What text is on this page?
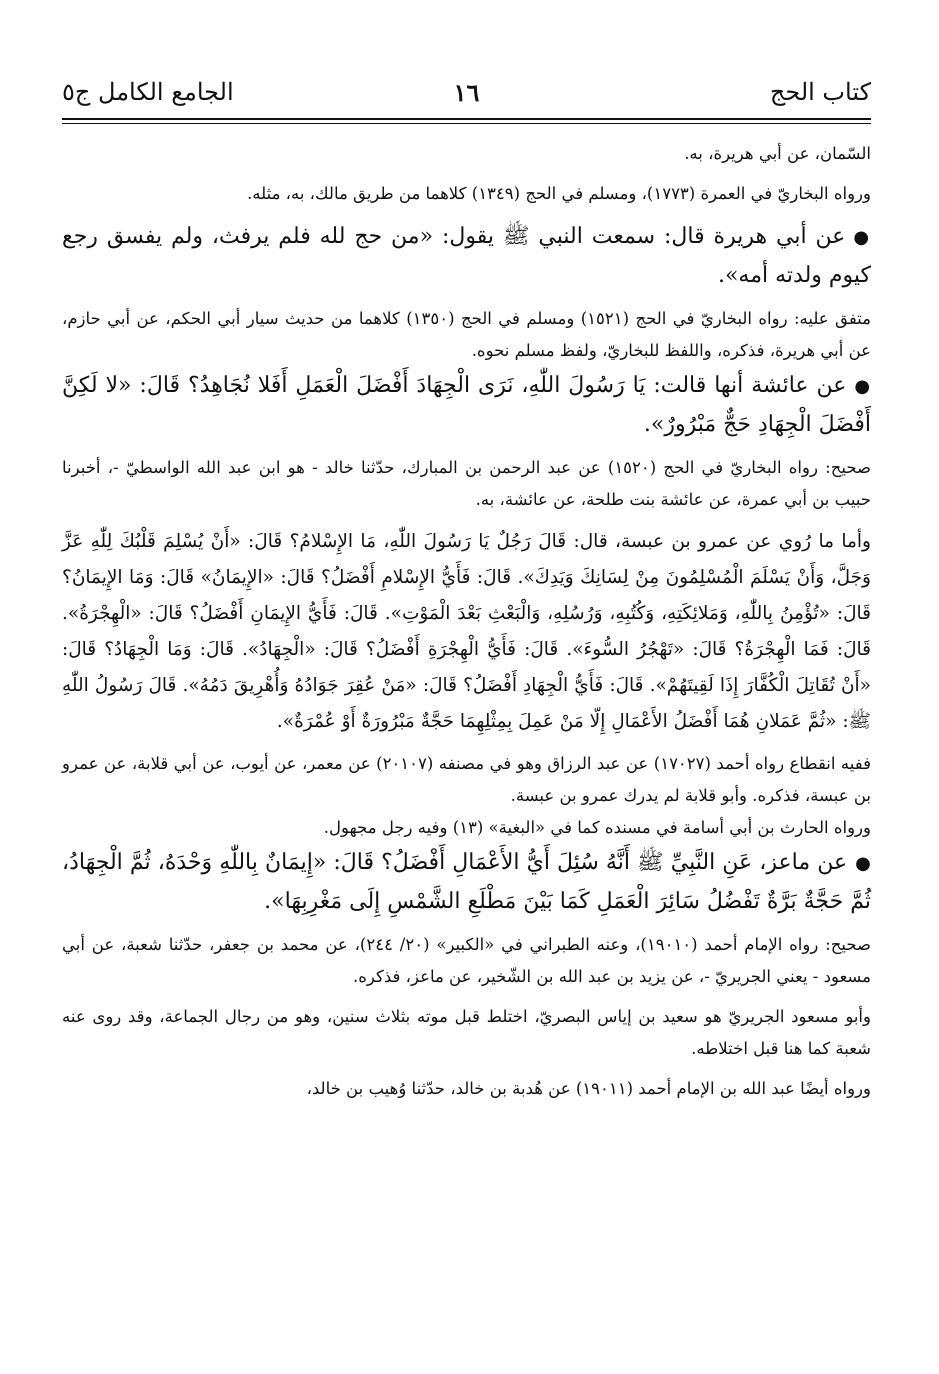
كتاب الحج
١٦
الجامع الكامل ج٥

السّمان، عن أبي هريرة، به.

ورواه البخاريّ في العمرة (١٧٧٣)، ومسلم في الحج (١٣٤٩) كلاهما من طريق مالك، به، مثله.

●عن أبي هريرة قال: سمعت النبي ﷺ يقول: «من حج لله فلم يرفث، ولم يفسق رجع كيوم ولدته أمه».

متفق عليه: رواه البخاريّ في الحج (١٥٢١) ومسلم في الحج (١٣٥٠) كلاهما من حديث سيار أبي الحكم، عن أبي حازم، عن أبي هريرة، فذكره، واللفظ للبخاريّ، ولفظ مسلم نحوه.

●عن عائشة أنها قالت: يَا رَسُولَ اللّٰهِ، نَرَى الْجِهَادَ أَفْضَلَ الْعَمَلِ أَفَلا نُجَاهِدُ؟ قَالَ: «لا لَكِنَّ أَفْضَلَ الْجِهَادِ حَجٌّ مَبْرُورٌ».

صحيح: رواه البخاريّ في الحج (١٥٢٠) عن عبد الرحمن بن المبارك، حدّثنا خالد - هو ابن عبد الله الواسطيّ -، أخبرنا حبيب بن أبي عمرة، عن عائشة بنت طلحة، عن عائشة، به.

وأما ما رُوي عن عمرو بن عبسة، قال: قَالَ رَجُلٌ يَا رَسُولَ اللّٰهِ، مَا الإِسْلامُ؟ قَالَ: «أَنْ يُسْلِمَ قَلْبُكَ لِلّٰهِ عَزَّ وَجَلَّ، وَأَنْ يَسْلَمَ الْمُسْلِمُونَ مِنْ لِسَانِكَ وَيَدِكَ». قَالَ: فَأَيُّ الإِسْلامِ أَفْضَلُ؟ قَالَ: «الإِيمَانُ» قَالَ: وَمَا الإِيمَانُ؟ قَالَ: «تُؤْمِنُ بِاللّٰهِ، وَمَلائِكَتِهِ، وَكُتُبِهِ، وَرُسُلِهِ، وَالْبَعْثِ بَعْدَ الْمَوْتِ». قَالَ: فَأَيُّ الإِيمَانِ أَفْضَلُ؟ قَالَ: «الْهِجْرَةُ». قَالَ: فَمَا الْهِجْرَةُ؟ قَالَ: «تَهْجُرُ السُّوءَ». قَالَ: فَأَيُّ الْهِجْرَةِ أَفْضَلُ؟ قَالَ: «الْجِهَادُ». قَالَ: وَمَا الْجِهَادُ؟ قَالَ: «أَنْ تُقَاتِلَ الْكُفَّارَ إِذَا لَقِيتَهُمْ». قَالَ: فَأَيُّ الْجِهَادِ أَفْضَلُ؟ قَالَ: «مَنْ عُقِرَ جَوَادُهُ وَأُهْرِيقَ دَمُهُ». قَالَ رَسُولُ اللّٰهِ ﷺ: «ثُمَّ عَمَلانِ هُمَا أَفْضَلُ الأَعْمَالِ إِلّا مَنْ عَمِلَ بِمِثْلِهِمَا حَجَّةٌ مَبْرُورَةٌ أَوْ عُمْرَةٌ».

ففيه انقطاع رواه أحمد (١٧٠٢٧) عن عبد الرزاق وهو في مصنفه (٢٠١٠٧) عن معمر، عن أيوب، عن أبي قلابة، عن عمرو بن عبسة، فذكره. وأبو قلابة لم يدرك عمرو بن عبسة.

ورواه الحارث بن أبي أسامة في مسنده كما في «البغية» (١٣) وفيه رجل مجهول.

●عن ماعز، عَنِ النَّبِيِّ ﷺ أَنَّهُ سُئِلَ أَيُّ الأَعْمَالِ أَفْضَلُ؟ قَالَ: «إِيمَانٌ بِاللّٰهِ وَحْدَهُ، ثُمَّ الْجِهَادُ، ثُمَّ حَجَّةٌ بَرَّةٌ تَفْضُلُ سَائِرَ الْعَمَلِ كَمَا بَيْنَ مَطْلَعِ الشَّمْسِ إِلَى مَغْرِبِهَا».

صحيح: رواه الإمام أحمد (١٩٠١٠)، وعنه الطبراني في «الكبير» (٢٠/ ٢٤٤)، عن محمد بن جعفر، حدّثنا شعبة، عن أبي مسعود - يعني الجريريّ -، عن يزيد بن عبد الله بن الشّخير، عن ماعز، فذكره.

وأبو مسعود الجريريّ هو سعيد بن إياس البصريّ، اختلط قبل موته بثلاث سنين، وهو من رجال الجماعة، وقد روى عنه شعبة كما هنا قبل اختلاطه.

ورواه أيضًا عبد الله بن الإمام أحمد (١٩٠١١) عن هُدبة بن خالد، حدّثنا وُهيب بن خالد،
